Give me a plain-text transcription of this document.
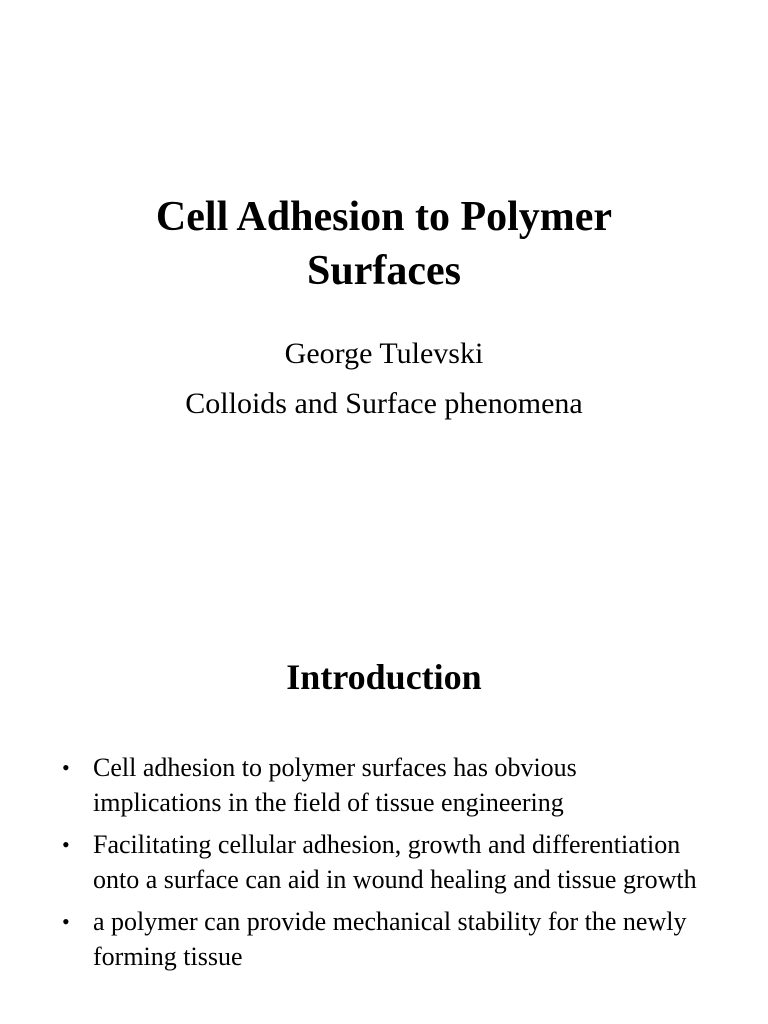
Cell Adhesion to Polymer
Surfaces

George Tulevski

Colloids and Surface phenomena

Introduction
• Cell adhesion to polymer surfaces has obvious implications in the field of tissue engineering
• Facilitating cellular adhesion, growth and differentiation onto a surface can aid in wound healing and tissue growth
• a polymer can provide mechanical stability for the newly forming tissue
